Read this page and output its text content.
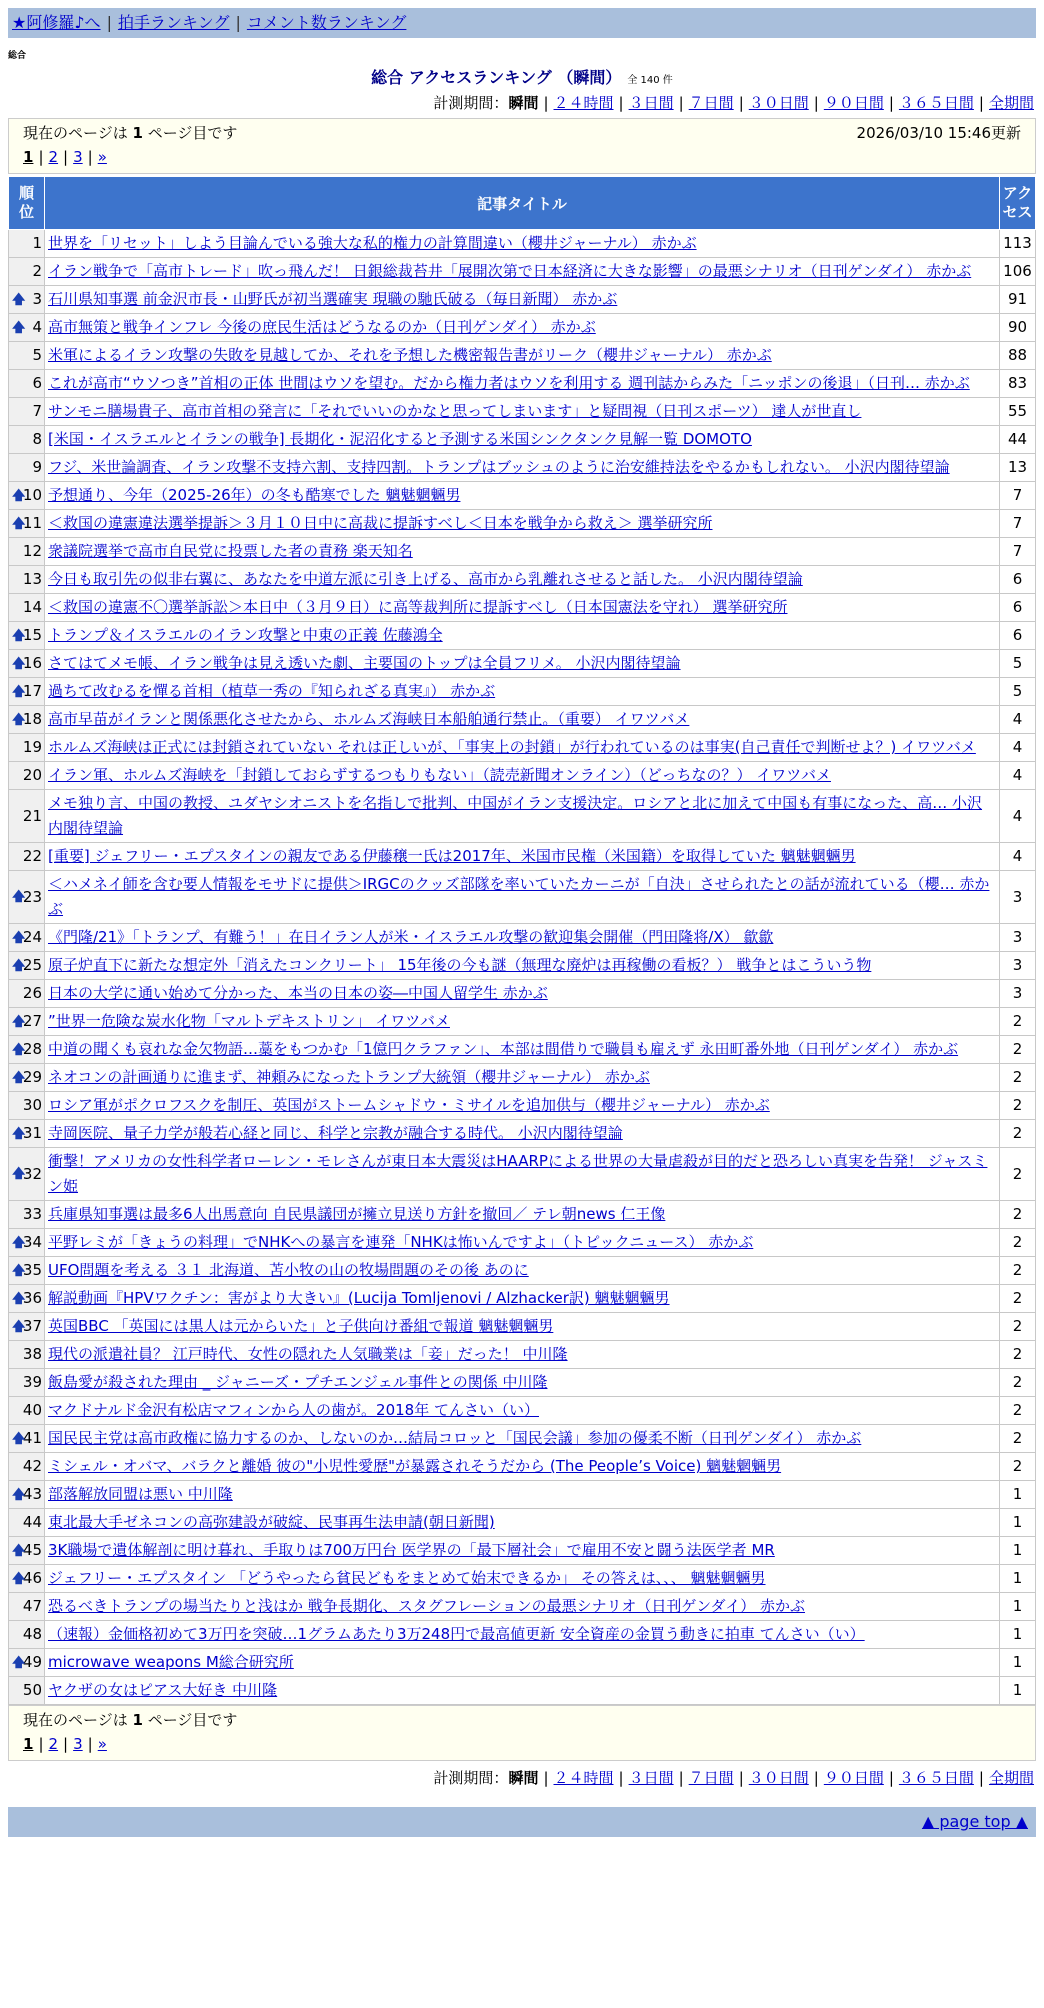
★阿修羅♪へ | 拍手ランキング | コメント数ランキング
総合
総合 アクセスランキング （瞬間） 全 140 件
計測期間：瞬間 | ２４時間 | ３日間 | ７日間 | ３０日間 | ９０日間 | ３６５日間 | 全期間
現在のページは 1 ページ目です	2026/03/10 15:46更新
1 | 2 | 3 | »
順位	記事タイトル	アクセス
1	世界を「リセット」しよう目論んでいる強大な私的権力の計算間違い（櫻井ジャーナル） 赤かぶ	113
2	イラン戦争で「高市トレード」吹っ飛んだ！ 日銀総裁苔井「展開次第で日本経済に大きな影響」の最悪シナリオ（日刊ゲンダイ） 赤かぶ	106

🡅 3	石川県知事選 前金沢市長・山野氏が初当選確実 現職の馳氏破る（毎日新聞） 赤かぶ	91

🡅 4	高市無策と戦争インフレ 今後の庶民生活はどうなるのか（日刊ゲンダイ） 赤かぶ	90
5	米軍によるイラン攻撃の失敗を見越してか、それを予想した機密報告書がリーク（櫻井ジャーナル） 赤かぶ	88
6	これが高市“ウソつき”首相の正体 世間はウソを望む。だから権力者はウソを利用する 週刊誌からみた「ニッポンの後退」（日刊… 赤かぶ	83
7	サンモニ膳場貴子、高市首相の発言に「それでいいのかなと思ってしまいます」と疑問視（日刊スポーツ） 達人が世直し	55
8	[米国・イスラエルとイランの戦争] 長期化・泥沼化すると予測する米国シンクタンク見解一覧 DOMOTO	44
9	フジ、米世論調査、イラン攻撃不支持六割、支持四割。トランプはブッシュのように治安維持法をやるかもしれない。 小沢内閣待望論	13

🡅
10	予想通り、今年（2025-26年）の冬も酷寒でした 魑魅魍魎男	7

🡅
11	＜救国の違憲違法選挙提訴＞３月１０日中に高裁に提訴すべし＜日本を戦争から救え＞ 選挙研究所	7
12	衆議院選挙で高市自民党に投票した者の責務 楽天知名	7
13	今日も取引先の似非右翼に、あなたを中道左派に引き上げる、高市から乳離れさせると話した。 小沢内閣待望論	6
14	＜救国の違憲不〇選挙訴訟＞本日中（３月９日）に高等裁判所に提訴すべし（日本国憲法を守れ） 選挙研究所	6

🡅
15	トランプ＆イスラエルのイラン攻撃と中東の正義 佐藤鴻全	6

🡅
16	さてはてメモ帳、イラン戦争は見え透いた劇、主要国のトップは全員フリメ。 小沢内閣待望論	5

🡅
17	過ちて改むるを憚る首相（植草一秀の『知られざる真実』） 赤かぶ	5

🡅
18	高市早苗がイランと関係悪化させたから、ホルムズ海峡日本船舶通行禁止。（重要） イワツバメ	4
19	ホルムズ海峡は正式には封鎖されていない それは正しいが、「事実上の封鎖」が行われているのは事実(自己責任で判断せよ？) イワツバメ	4
20	イラン軍、ホルムズ海峡を「封鎖しておらずするつもりもない」（読売新聞オンライン）（どっちなの？） イワツバメ	4
21	メモ独り言、中国の教授、ユダヤシオニストを名指しで批判、中国がイラン支援決定。ロシアと北に加えて中国も有事になった、高… 小沢内閣待望論	4
22	[重要] ジェフリー・エプスタインの親友である伊藤穣一氏は2017年、米国市民権（米国籍）を取得していた 魑魅魍魎男	4

🡅
23	＜ハメネイ師を含む要人情報をモサドに提供＞IRGCのクッズ部隊を率いていたカーニが「自決」させられたとの話が流れている（櫻… 赤かぶ	3

🡅
24	《門隆/21》「トランプ、有難う！」在日イラン人が米・イスラエル攻撃の歓迎集会開催（門田隆将/X） 歙歙	3

🡅
25	原子炉直下に新たな想定外「消えたコンクリート」 15年後の今も謎（無理な廃炉は再稼働の看板？） 戦争とはこういう物	3
26	日本の大学に通い始めて分かった、本当の日本の姿―中国人留学生 赤かぶ	3

🡅
27	”世界一危険な炭水化物「マルトデキストリン」 イワツバメ	2

🡅
28	中道の聞くも哀れな金欠物語…藁をもつかむ「1億円クラファン」、本部は間借りで職員も雇えず 永田町番外地（日刊ゲンダイ） 赤かぶ	2

🡅
29	ネオコンの計画通りに進まず、神頼みになったトランプ大統領（櫻井ジャーナル） 赤かぶ	2
30	ロシア軍がポクロフスクを制圧、英国がストームシャドウ・ミサイルを追加供与（櫻井ジャーナル） 赤かぶ	2

🡅
31	寺岡医院、量子力学が般若心経と同じ、科学と宗教が融合する時代。 小沢内閣待望論	2

🡅
32	衝撃！アメリカの女性科学者ローレン・モレさんが東日本大震災はHAARPによる世界の大量虐殺が目的だと恐ろしい真実を告発！ ジャスミン姫	2
33	兵庫県知事選は最多6人出馬意向 自民県議団が擁立見送り方針を撤回／ テレ朝news 仁王像	2

🡅
34	平野レミが「きょうの料理」でNHKへの暴言を連発「NHKは怖いんですよ」（トピックニュース） 赤かぶ	2

🡅
35	UFO問題を考える ３１ 北海道、苫小牧の山の牧場問題のその後 あのに	2

🡅
36	解説動画『HPVワクチン：害がより大きい』(Lucija Tomljenovi / Alzhacker訳) 魑魅魍魎男	2

🡅
37	英国BBC 「英国には黒人は元からいた」と子供向け番組で報道 魑魅魍魎男	2
38	現代の派遣社員？ 江戸時代、女性の隠れた人気職業は「妾」だった！ 中川隆	2
39	飯島愛が殺された理由 _ ジャニーズ・プチエンジェル事件との関係 中川隆	2
40	マクドナルド金沢有松店マフィンから人の歯が。2018年 てんさい（い）	2

🡅
41	国民民主党は高市政権に協力するのか、しないのか…結局コロッと「国民会議」参加の優柔不断（日刊ゲンダイ） 赤かぶ	2
42	ミシェル・オバマ、バラクと離婚 彼の"小児性愛歴"が暴露されそうだから (The People’s Voice) 魑魅魍魎男	2

🡅
43	部落解放同盟は悪い 中川隆	1
44	東北最大手ゼネコンの高弥建設が破綻、民事再生法申請(朝日新聞)	1

🡅
45	3K職場で遺体解剖に明け暮れ、手取りは700万円台 医学界の「最下層社会」で雇用不安と闘う法医学者 MR	1

🡅
46	ジェフリー・エプスタイン 「どうやったら貧民どもをまとめて始末できるか」 その答えは、、、 魑魅魍魎男	1
47	恐るべきトランプの場当たりと浅はか 戦争長期化、スタグフレーションの最悪シナリオ（日刊ゲンダイ） 赤かぶ	1
48	（速報）金価格初めて3万円を突破…1グラムあたり3万248円で最高値更新 安全資産の金買う動きに拍車 てんさい（い）	1

🡅
49	microwave weapons M総合研究所	1
50	ヤクザの女はピアス大好き 中川隆	1
現在のページは 1 ページ目です
1 | 2 | 3 | »
計測期間：瞬間 | ２４時間 | ３日間 | ７日間 | ３０日間 | ９０日間 | ３６５日間 | 全期間
▲ page top ▲
